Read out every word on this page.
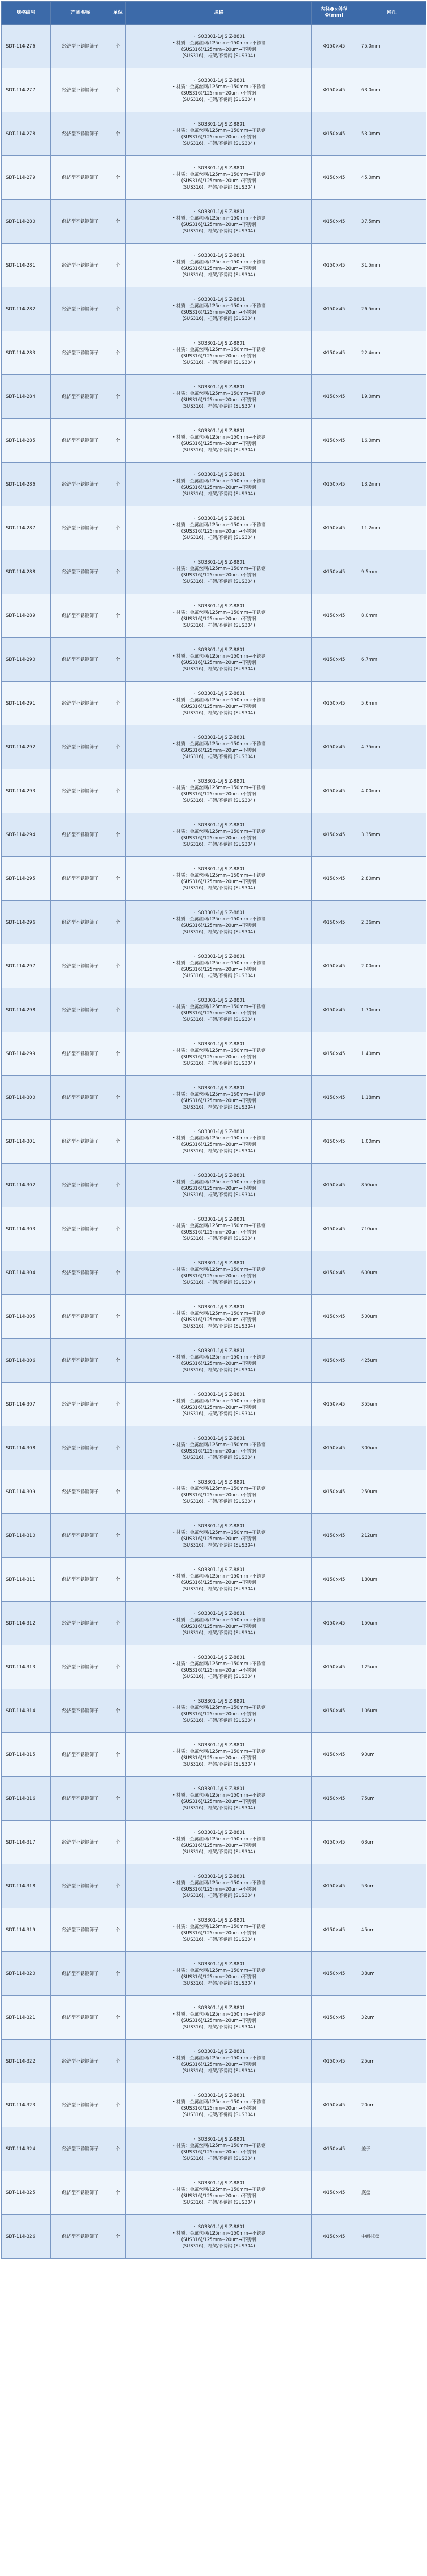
规格编号	产品名称	单位	规格	内径Φ×外径Φ(mm)	网孔
SDT-114-276	经济型不锈钢筛子	个	・ISO3301-1/JIS Z-8801
・材质：金属丝网/125mm~150mm→不锈钢
(SUS316)/125mm~20um→不锈钢
(SUS316)，框架/不锈钢 (SUS304)	Φ150×45	75.0mm
SDT-114-277	经济型不锈钢筛子	个	・ISO3301-1/JIS Z-8801
・材质：金属丝网/125mm~150mm→不锈钢
(SUS316)/125mm~20um→不锈钢
(SUS316)，框架/不锈钢 (SUS304)	Φ150×45	63.0mm
SDT-114-278	经济型不锈钢筛子	个	・ISO3301-1/JIS Z-8801
・材质：金属丝网/125mm~150mm→不锈钢
(SUS316)/125mm~20um→不锈钢
(SUS316)，框架/不锈钢 (SUS304)	Φ150×45	53.0mm
SDT-114-279	经济型不锈钢筛子	个	・ISO3301-1/JIS Z-8801
・材质：金属丝网/125mm~150mm→不锈钢
(SUS316)/125mm~20um→不锈钢
(SUS316)，框架/不锈钢 (SUS304)	Φ150×45	45.0mm
SDT-114-280	经济型不锈钢筛子	个	・ISO3301-1/JIS Z-8801
・材质：金属丝网/125mm~150mm→不锈钢
(SUS316)/125mm~20um→不锈钢
(SUS316)，框架/不锈钢 (SUS304)	Φ150×45	37.5mm
SDT-114-281	经济型不锈钢筛子	个	・ISO3301-1/JIS Z-8801
・材质：金属丝网/125mm~150mm→不锈钢
(SUS316)/125mm~20um→不锈钢
(SUS316)，框架/不锈钢 (SUS304)	Φ150×45	31.5mm
SDT-114-282	经济型不锈钢筛子	个	・ISO3301-1/JIS Z-8801
・材质：金属丝网/125mm~150mm→不锈钢
(SUS316)/125mm~20um→不锈钢
(SUS316)，框架/不锈钢 (SUS304)	Φ150×45	26.5mm
SDT-114-283	经济型不锈钢筛子	个	・ISO3301-1/JIS Z-8801
・材质：金属丝网/125mm~150mm→不锈钢
(SUS316)/125mm~20um→不锈钢
(SUS316)，框架/不锈钢 (SUS304)	Φ150×45	22.4mm
SDT-114-284	经济型不锈钢筛子	个	・ISO3301-1/JIS Z-8801
・材质：金属丝网/125mm~150mm→不锈钢
(SUS316)/125mm~20um→不锈钢
(SUS316)，框架/不锈钢 (SUS304)	Φ150×45	19.0mm
SDT-114-285	经济型不锈钢筛子	个	・ISO3301-1/JIS Z-8801
・材质：金属丝网/125mm~150mm→不锈钢
(SUS316)/125mm~20um→不锈钢
(SUS316)，框架/不锈钢 (SUS304)	Φ150×45	16.0mm
SDT-114-286	经济型不锈钢筛子	个	・ISO3301-1/JIS Z-8801
・材质：金属丝网/125mm~150mm→不锈钢
(SUS316)/125mm~20um→不锈钢
(SUS316)，框架/不锈钢 (SUS304)	Φ150×45	13.2mm
SDT-114-287	经济型不锈钢筛子	个	・ISO3301-1/JIS Z-8801
・材质：金属丝网/125mm~150mm→不锈钢
(SUS316)/125mm~20um→不锈钢
(SUS316)，框架/不锈钢 (SUS304)	Φ150×45	11.2mm
SDT-114-288	经济型不锈钢筛子	个	・ISO3301-1/JIS Z-8801
・材质：金属丝网/125mm~150mm→不锈钢
(SUS316)/125mm~20um→不锈钢
(SUS316)，框架/不锈钢 (SUS304)	Φ150×45	9.5mm
SDT-114-289	经济型不锈钢筛子	个	・ISO3301-1/JIS Z-8801
・材质：金属丝网/125mm~150mm→不锈钢
(SUS316)/125mm~20um→不锈钢
(SUS316)，框架/不锈钢 (SUS304)	Φ150×45	8.0mm
SDT-114-290	经济型不锈钢筛子	个	・ISO3301-1/JIS Z-8801
・材质：金属丝网/125mm~150mm→不锈钢
(SUS316)/125mm~20um→不锈钢
(SUS316)，框架/不锈钢 (SUS304)	Φ150×45	6.7mm
SDT-114-291	经济型不锈钢筛子	个	・ISO3301-1/JIS Z-8801
・材质：金属丝网/125mm~150mm→不锈钢
(SUS316)/125mm~20um→不锈钢
(SUS316)，框架/不锈钢 (SUS304)	Φ150×45	5.6mm
SDT-114-292	经济型不锈钢筛子	个	・ISO3301-1/JIS Z-8801
・材质：金属丝网/125mm~150mm→不锈钢
(SUS316)/125mm~20um→不锈钢
(SUS316)，框架/不锈钢 (SUS304)	Φ150×45	4.75mm
SDT-114-293	经济型不锈钢筛子	个	・ISO3301-1/JIS Z-8801
・材质：金属丝网/125mm~150mm→不锈钢
(SUS316)/125mm~20um→不锈钢
(SUS316)，框架/不锈钢 (SUS304)	Φ150×45	4.00mm
SDT-114-294	经济型不锈钢筛子	个	・ISO3301-1/JIS Z-8801
・材质：金属丝网/125mm~150mm→不锈钢
(SUS316)/125mm~20um→不锈钢
(SUS316)，框架/不锈钢 (SUS304)	Φ150×45	3.35mm
SDT-114-295	经济型不锈钢筛子	个	・ISO3301-1/JIS Z-8801
・材质：金属丝网/125mm~150mm→不锈钢
(SUS316)/125mm~20um→不锈钢
(SUS316)，框架/不锈钢 (SUS304)	Φ150×45	2.80mm
SDT-114-296	经济型不锈钢筛子	个	・ISO3301-1/JIS Z-8801
・材质：金属丝网/125mm~150mm→不锈钢
(SUS316)/125mm~20um→不锈钢
(SUS316)，框架/不锈钢 (SUS304)	Φ150×45	2.36mm
SDT-114-297	经济型不锈钢筛子	个	・ISO3301-1/JIS Z-8801
・材质：金属丝网/125mm~150mm→不锈钢
(SUS316)/125mm~20um→不锈钢
(SUS316)，框架/不锈钢 (SUS304)	Φ150×45	2.00mm
SDT-114-298	经济型不锈钢筛子	个	・ISO3301-1/JIS Z-8801
・材质：金属丝网/125mm~150mm→不锈钢
(SUS316)/125mm~20um→不锈钢
(SUS316)，框架/不锈钢 (SUS304)	Φ150×45	1.70mm
SDT-114-299	经济型不锈钢筛子	个	・ISO3301-1/JIS Z-8801
・材质：金属丝网/125mm~150mm→不锈钢
(SUS316)/125mm~20um→不锈钢
(SUS316)，框架/不锈钢 (SUS304)	Φ150×45	1.40mm
SDT-114-300	经济型不锈钢筛子	个	・ISO3301-1/JIS Z-8801
・材质：金属丝网/125mm~150mm→不锈钢
(SUS316)/125mm~20um→不锈钢
(SUS316)，框架/不锈钢 (SUS304)	Φ150×45	1.18mm
SDT-114-301	经济型不锈钢筛子	个	・ISO3301-1/JIS Z-8801
・材质：金属丝网/125mm~150mm→不锈钢
(SUS316)/125mm~20um→不锈钢
(SUS316)，框架/不锈钢 (SUS304)	Φ150×45	1.00mm
SDT-114-302	经济型不锈钢筛子	个	・ISO3301-1/JIS Z-8801
・材质：金属丝网/125mm~150mm→不锈钢
(SUS316)/125mm~20um→不锈钢
(SUS316)，框架/不锈钢 (SUS304)	Φ150×45	850um
SDT-114-303	经济型不锈钢筛子	个	・ISO3301-1/JIS Z-8801
・材质：金属丝网/125mm~150mm→不锈钢
(SUS316)/125mm~20um→不锈钢
(SUS316)，框架/不锈钢 (SUS304)	Φ150×45	710um
SDT-114-304	经济型不锈钢筛子	个	・ISO3301-1/JIS Z-8801
・材质：金属丝网/125mm~150mm→不锈钢
(SUS316)/125mm~20um→不锈钢
(SUS316)，框架/不锈钢 (SUS304)	Φ150×45	600um
SDT-114-305	经济型不锈钢筛子	个	・ISO3301-1/JIS Z-8801
・材质：金属丝网/125mm~150mm→不锈钢
(SUS316)/125mm~20um→不锈钢
(SUS316)，框架/不锈钢 (SUS304)	Φ150×45	500um
SDT-114-306	经济型不锈钢筛子	个	・ISO3301-1/JIS Z-8801
・材质：金属丝网/125mm~150mm→不锈钢
(SUS316)/125mm~20um→不锈钢
(SUS316)，框架/不锈钢 (SUS304)	Φ150×45	425um
SDT-114-307	经济型不锈钢筛子	个	・ISO3301-1/JIS Z-8801
・材质：金属丝网/125mm~150mm→不锈钢
(SUS316)/125mm~20um→不锈钢
(SUS316)，框架/不锈钢 (SUS304)	Φ150×45	355um
SDT-114-308	经济型不锈钢筛子	个	・ISO3301-1/JIS Z-8801
・材质：金属丝网/125mm~150mm→不锈钢
(SUS316)/125mm~20um→不锈钢
(SUS316)，框架/不锈钢 (SUS304)	Φ150×45	300um
SDT-114-309	经济型不锈钢筛子	个	・ISO3301-1/JIS Z-8801
・材质：金属丝网/125mm~150mm→不锈钢
(SUS316)/125mm~20um→不锈钢
(SUS316)，框架/不锈钢 (SUS304)	Φ150×45	250um
SDT-114-310	经济型不锈钢筛子	个	・ISO3301-1/JIS Z-8801
・材质：金属丝网/125mm~150mm→不锈钢
(SUS316)/125mm~20um→不锈钢
(SUS316)，框架/不锈钢 (SUS304)	Φ150×45	212um
SDT-114-311	经济型不锈钢筛子	个	・ISO3301-1/JIS Z-8801
・材质：金属丝网/125mm~150mm→不锈钢
(SUS316)/125mm~20um→不锈钢
(SUS316)，框架/不锈钢 (SUS304)	Φ150×45	180um
SDT-114-312	经济型不锈钢筛子	个	・ISO3301-1/JIS Z-8801
・材质：金属丝网/125mm~150mm→不锈钢
(SUS316)/125mm~20um→不锈钢
(SUS316)，框架/不锈钢 (SUS304)	Φ150×45	150um
SDT-114-313	经济型不锈钢筛子	个	・ISO3301-1/JIS Z-8801
・材质：金属丝网/125mm~150mm→不锈钢
(SUS316)/125mm~20um→不锈钢
(SUS316)，框架/不锈钢 (SUS304)	Φ150×45	125um
SDT-114-314	经济型不锈钢筛子	个	・ISO3301-1/JIS Z-8801
・材质：金属丝网/125mm~150mm→不锈钢
(SUS316)/125mm~20um→不锈钢
(SUS316)，框架/不锈钢 (SUS304)	Φ150×45	106um
SDT-114-315	经济型不锈钢筛子	个	・ISO3301-1/JIS Z-8801
・材质：金属丝网/125mm~150mm→不锈钢
(SUS316)/125mm~20um→不锈钢
(SUS316)，框架/不锈钢 (SUS304)	Φ150×45	90um
SDT-114-316	经济型不锈钢筛子	个	・ISO3301-1/JIS Z-8801
・材质：金属丝网/125mm~150mm→不锈钢
(SUS316)/125mm~20um→不锈钢
(SUS316)，框架/不锈钢 (SUS304)	Φ150×45	75um
SDT-114-317	经济型不锈钢筛子	个	・ISO3301-1/JIS Z-8801
・材质：金属丝网/125mm~150mm→不锈钢
(SUS316)/125mm~20um→不锈钢
(SUS316)，框架/不锈钢 (SUS304)	Φ150×45	63um
SDT-114-318	经济型不锈钢筛子	个	・ISO3301-1/JIS Z-8801
・材质：金属丝网/125mm~150mm→不锈钢
(SUS316)/125mm~20um→不锈钢
(SUS316)，框架/不锈钢 (SUS304)	Φ150×45	53um
SDT-114-319	经济型不锈钢筛子	个	・ISO3301-1/JIS Z-8801
・材质：金属丝网/125mm~150mm→不锈钢
(SUS316)/125mm~20um→不锈钢
(SUS316)，框架/不锈钢 (SUS304)	Φ150×45	45um
SDT-114-320	经济型不锈钢筛子	个	・ISO3301-1/JIS Z-8801
・材质：金属丝网/125mm~150mm→不锈钢
(SUS316)/125mm~20um→不锈钢
(SUS316)，框架/不锈钢 (SUS304)	Φ150×45	38um
SDT-114-321	经济型不锈钢筛子	个	・ISO3301-1/JIS Z-8801
・材质：金属丝网/125mm~150mm→不锈钢
(SUS316)/125mm~20um→不锈钢
(SUS316)，框架/不锈钢 (SUS304)	Φ150×45	32um
SDT-114-322	经济型不锈钢筛子	个	・ISO3301-1/JIS Z-8801
・材质：金属丝网/125mm~150mm→不锈钢
(SUS316)/125mm~20um→不锈钢
(SUS316)，框架/不锈钢 (SUS304)	Φ150×45	25um
SDT-114-323	经济型不锈钢筛子	个	・ISO3301-1/JIS Z-8801
・材质：金属丝网/125mm~150mm→不锈钢
(SUS316)/125mm~20um→不锈钢
(SUS316)，框架/不锈钢 (SUS304)	Φ150×45	20um
SDT-114-324	经济型不锈钢筛子	个	・ISO3301-1/JIS Z-8801
・材质：金属丝网/125mm~150mm→不锈钢
(SUS316)/125mm~20um→不锈钢
(SUS316)，框架/不锈钢 (SUS304)	Φ150×45	盖子
SDT-114-325	经济型不锈钢筛子	个	・ISO3301-1/JIS Z-8801
・材质：金属丝网/125mm~150mm→不锈钢
(SUS316)/125mm~20um→不锈钢
(SUS316)，框架/不锈钢 (SUS304)	Φ150×45	底盘
SDT-114-326	经济型不锈钢筛子	个	・ISO3301-1/JIS Z-8801
・材质：金属丝网/125mm~150mm→不锈钢
(SUS316)/125mm~20um→不锈钢
(SUS316)，框架/不锈钢 (SUS304)	Φ150×45	中间托盘
